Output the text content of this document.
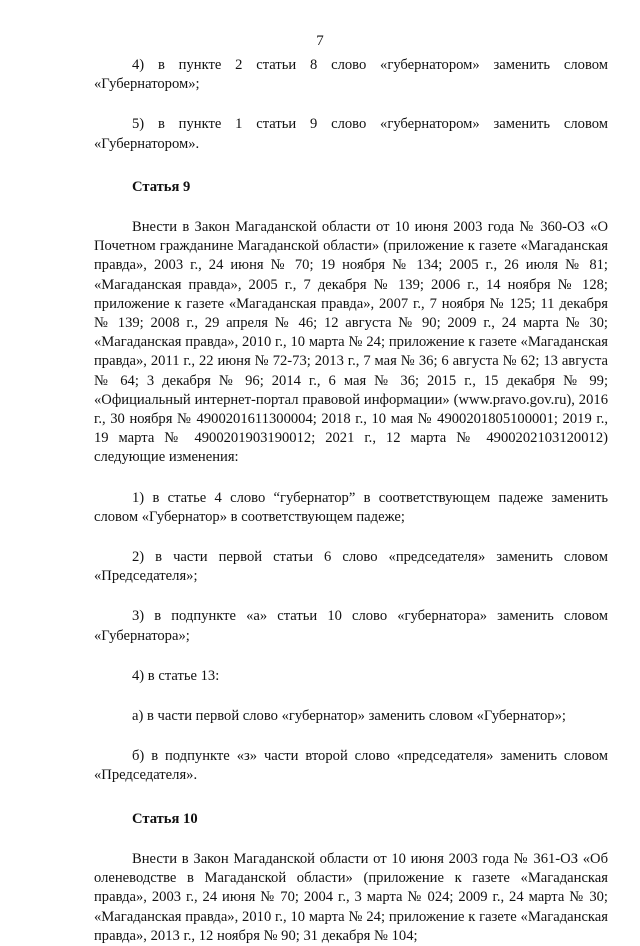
7

4) в пункте 2 статьи 8 слово «губернатором» заменить словом «Губернатором»;

5) в пункте 1 статьи 9 слово «губернатором» заменить словом «Губернатором».

Статья 9

Внести в Закон Магаданской области от 10 июня 2003 года № 360-ОЗ «О Почетном гражданине Магаданской области» (приложение к газете «Магаданская правда», 2003 г., 24 июня № 70; 19 ноября № 134; 2005 г., 26 июля № 81; «Магаданская правда», 2005 г., 7 декабря № 139; 2006 г., 14 ноября № 128; приложение к газете «Магаданская правда», 2007 г., 7 ноября № 125; 11 декабря № 139; 2008 г., 29 апреля № 46; 12 августа № 90; 2009 г., 24 марта № 30; «Магаданская правда», 2010 г., 10 марта № 24; приложение к газете «Магаданская правда», 2011 г., 22 июня № 72-73; 2013 г., 7 мая № 36; 6 августа № 62; 13 августа № 64; 3 декабря № 96; 2014 г., 6 мая № 36; 2015 г., 15 декабря № 99; «Официальный интернет-портал правовой информации» (www.pravo.gov.ru), 2016 г., 30 ноября № 4900201611300004; 2018 г., 10 мая № 4900201805100001; 2019 г., 19 марта № 4900201903190012; 2021 г., 12 марта № 4900202103120012) следующие изменения:

1) в статье 4 слово “губернатор” в соответствующем падеже заменить словом «Губернатор» в соответствующем падеже;

2) в части первой статьи 6 слово «председателя» заменить словом «Председателя»;

3) в подпункте «а» статьи 10 слово «губернатора» заменить словом «Губернатора»;

4) в статье 13:

а) в части первой слово «губернатор» заменить словом «Губернатор»;

б) в подпункте «з» части второй слово «председателя» заменить словом «Председателя».

Статья 10

Внести в Закон Магаданской области от 10 июня 2003 года № 361-ОЗ «Об оленеводстве в Магаданской области» (приложение к газете «Магаданская правда», 2003 г., 24 июня № 70; 2004 г., 3 марта № 024; 2009 г., 24 марта № 30; «Магаданская правда», 2010 г., 10 марта № 24; приложение к газете «Магаданская правда», 2013 г., 12 ноября № 90; 31 декабря № 104;
